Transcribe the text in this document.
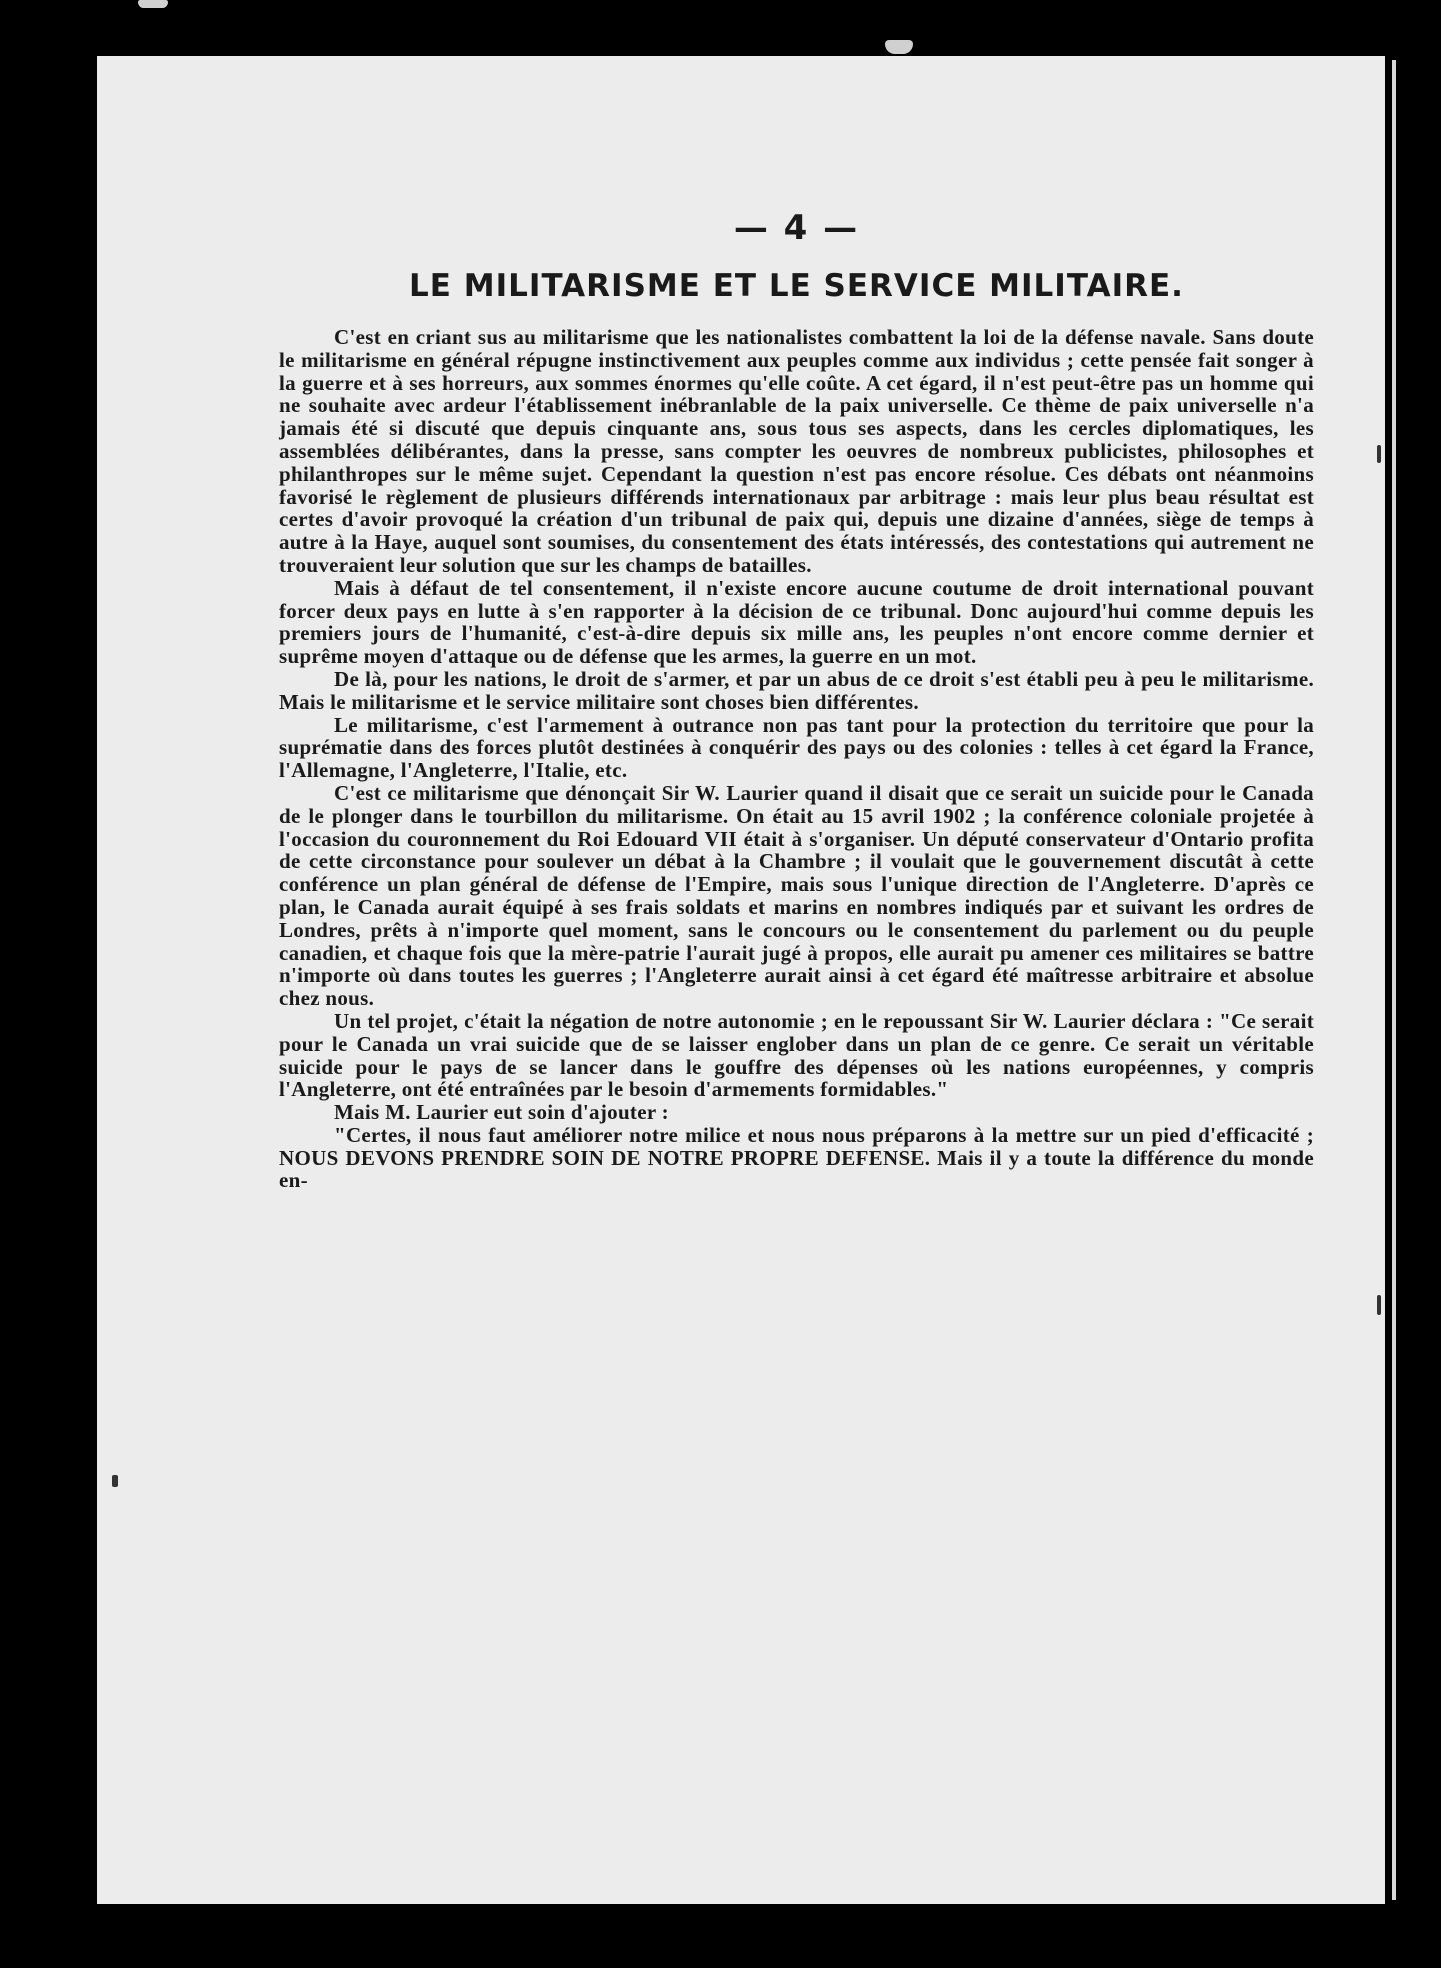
— 4 —
LE MILITARISME ET LE SERVICE MILITAIRE.

C'est en criant sus au militarisme que les nationalistes combattent la loi de la défense navale. Sans doute le militarisme en général répugne instinctivement aux peuples comme aux individus ; cette pensée fait songer à la guerre et à ses horreurs, aux sommes énormes qu'elle coûte. A cet égard, il n'est peut-être pas un homme qui ne souhaite avec ardeur l'établissement inébranlable de la paix universelle. Ce thème de paix universelle n'a jamais été si discuté que depuis cinquante ans, sous tous ses aspects, dans les cercles diplomatiques, les assemblées délibérantes, dans la presse, sans compter les oeuvres de nombreux publicistes, philosophes et philanthropes sur le même sujet. Cependant la question n'est pas encore résolue. Ces débats ont néanmoins favorisé le règlement de plusieurs différends internationaux par arbitrage : mais leur plus beau résultat est certes d'avoir provoqué la création d'un tribunal de paix qui, depuis une dizaine d'années, siège de temps à autre à la Haye, auquel sont soumises, du consentement des états intéressés, des contestations qui autrement ne trouveraient leur solution que sur les champs de batailles.

Mais à défaut de tel consentement, il n'existe encore aucune coutume de droit international pouvant forcer deux pays en lutte à s'en rapporter à la décision de ce tribunal. Donc aujourd'hui comme depuis les premiers jours de l'humanité, c'est-à-dire depuis six mille ans, les peuples n'ont encore comme dernier et suprême moyen d'attaque ou de défense que les armes, la guerre en un mot.

De là, pour les nations, le droit de s'armer, et par un abus de ce droit s'est établi peu à peu le militarisme. Mais le militarisme et le service militaire sont choses bien différentes.

Le militarisme, c'est l'armement à outrance non pas tant pour la protection du territoire que pour la suprématie dans des forces plutôt destinées à conquérir des pays ou des colonies : telles à cet égard la France, l'Allemagne, l'Angleterre, l'Italie, etc.

C'est ce militarisme que dénonçait Sir W. Laurier quand il disait que ce serait un suicide pour le Canada de le plonger dans le tourbillon du militarisme. On était au 15 avril 1902 ; la conférence coloniale projetée à l'occasion du couronnement du Roi Edouard VII était à s'organiser. Un député conservateur d'Ontario profita de cette circonstance pour soulever un débat à la Chambre ; il voulait que le gouvernement discutât à cette conférence un plan général de défense de l'Empire, mais sous l'unique direction de l'Angleterre. D'après ce plan, le Canada aurait équipé à ses frais soldats et marins en nombres indiqués par et suivant les ordres de Londres, prêts à n'importe quel moment, sans le concours ou le consentement du parlement ou du peuple canadien, et chaque fois que la mère-patrie l'aurait jugé à propos, elle aurait pu amener ces militaires se battre n'importe où dans toutes les guerres ; l'Angleterre aurait ainsi à cet égard été maîtresse arbitraire et absolue chez nous.

Un tel projet, c'était la négation de notre autonomie ; en le repoussant Sir W. Laurier déclara : "Ce serait pour le Canada un vrai suicide que de se laisser englober dans un plan de ce genre. Ce serait un véritable suicide pour le pays de se lancer dans le gouffre des dépenses où les nations européennes, y compris l'Angleterre, ont été entraînées par le besoin d'armements formidables."

Mais M. Laurier eut soin d'ajouter :

"Certes, il nous faut améliorer notre milice et nous nous préparons à la mettre sur un pied d'efficacité ; NOUS DEVONS PRENDRE SOIN DE NOTRE PROPRE DEFENSE. Mais il y a toute la différence du monde en-
